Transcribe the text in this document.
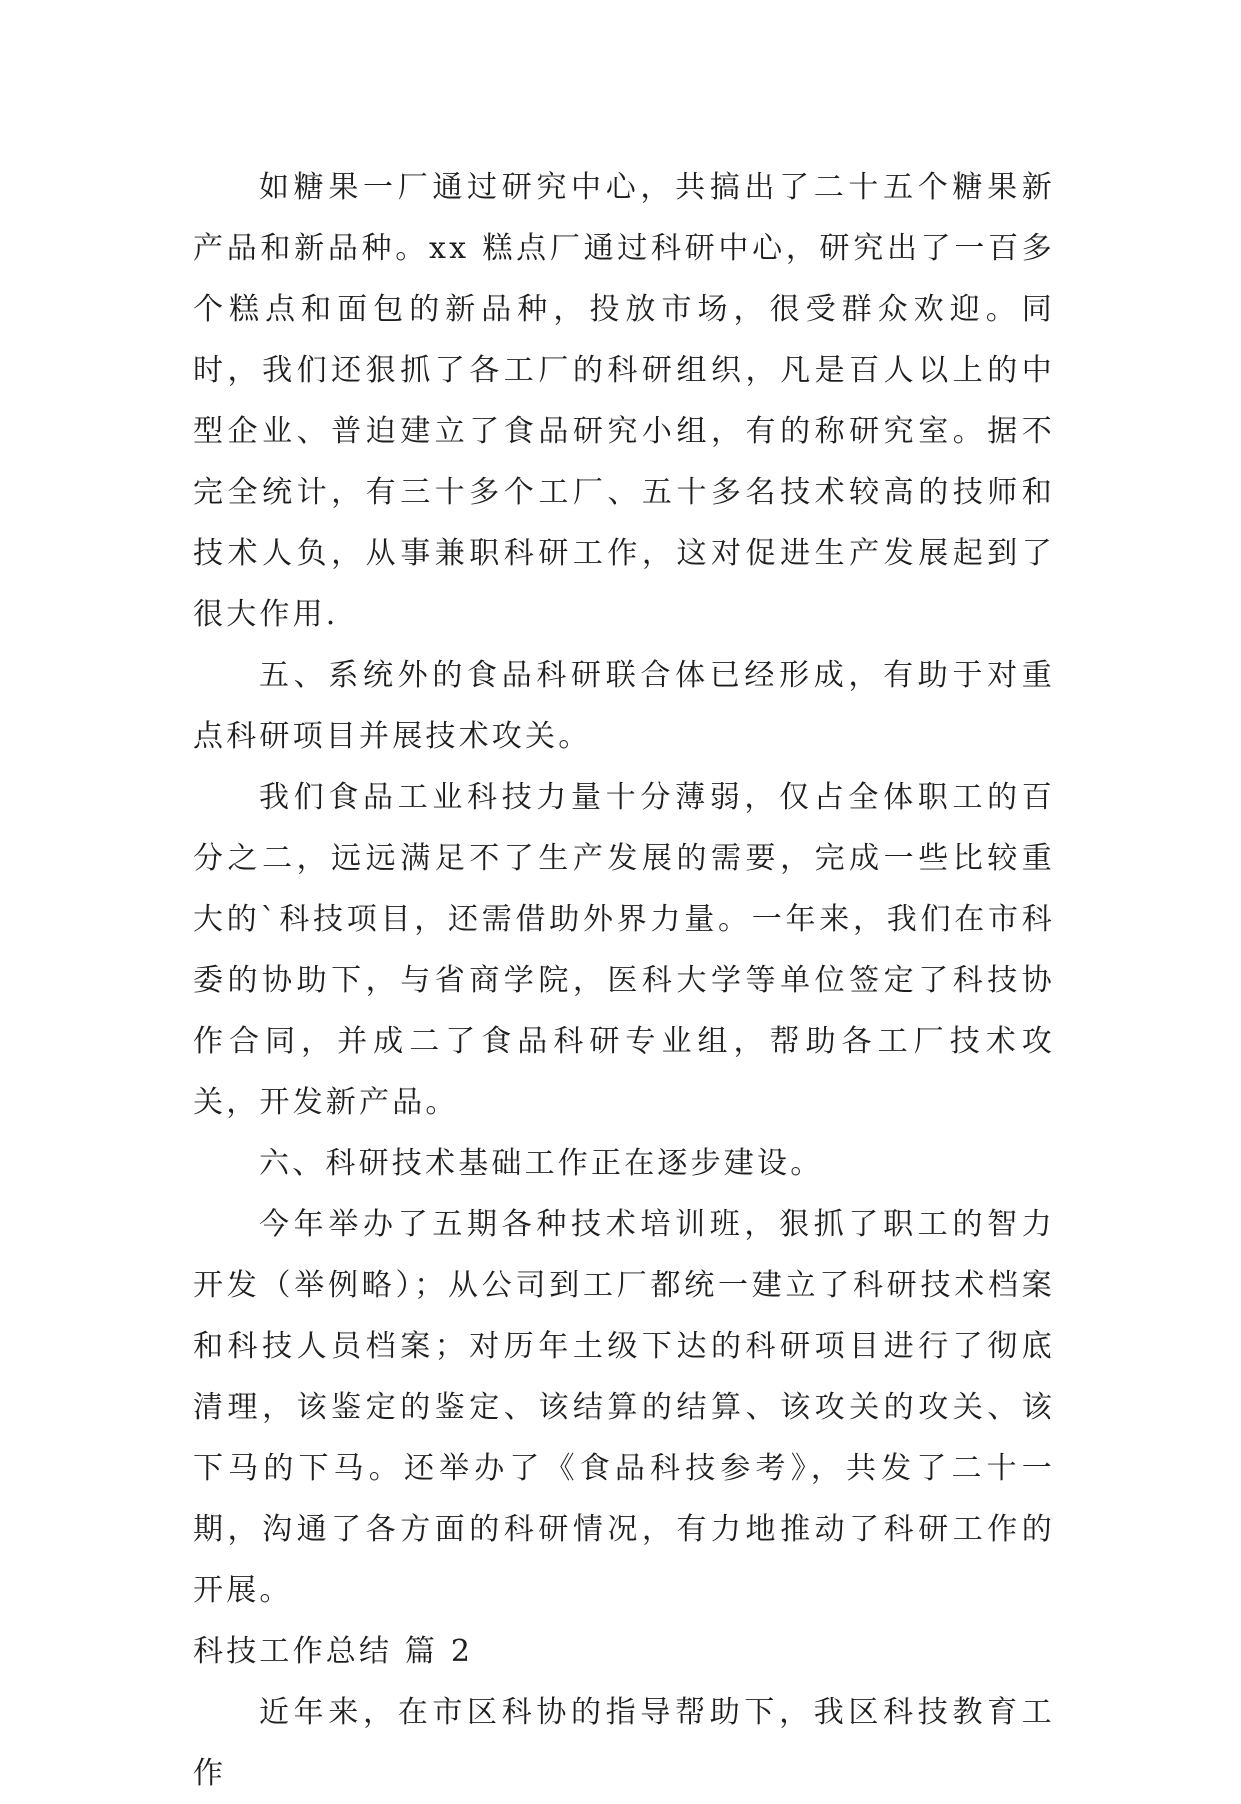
如糖果一厂通过研究中心，共搞出了二十五个糖果新产品和新品种。xx 糕点厂通过科研中心，研究出了一百多个糕点和面包的新品种，投放市场，很受群众欢迎。同时，我们还狠抓了各工厂的科研组织，凡是百人以上的中型企业、普迫建立了食品研究小组，有的称研究室。据不完全统计，有三十多个工厂、五十多名技术较高的技师和技术人负，从事兼职科研工作，这对促进生产发展起到了很大作用.

五、系统外的食品科研联合体已经形成，有助于对重点科研项目并展技术攻关。

我们食品工业科技力量十分薄弱，仅占全体职工的百分之二，远远满足不了生产发展的需要，完成一些比较重大的`科技项目，还需借助外界力量。一年来，我们在市科委的协助下，与省商学院，医科大学等单位签定了科技协作合同，并成二了食品科研专业组，帮助各工厂技术攻关，开发新产品。

六、科研技术基础工作正在逐步建设。

今年举办了五期各种技术培训班，狠抓了职工的智力开发（举例略）；从公司到工厂都统一建立了科研技术档案和科技人员档案；对历年土级下达的科研项目进行了彻底清理，该鉴定的鉴定、该结算的结算、该攻关的攻关、该下马的下马。还举办了《食品科技参考》，共发了二十一期，沟通了各方面的科研情况，有力地推动了科研工作的开展。

科技工作总结 篇 2

近年来，在市区科协的指导帮助下，我区科技教育工作
